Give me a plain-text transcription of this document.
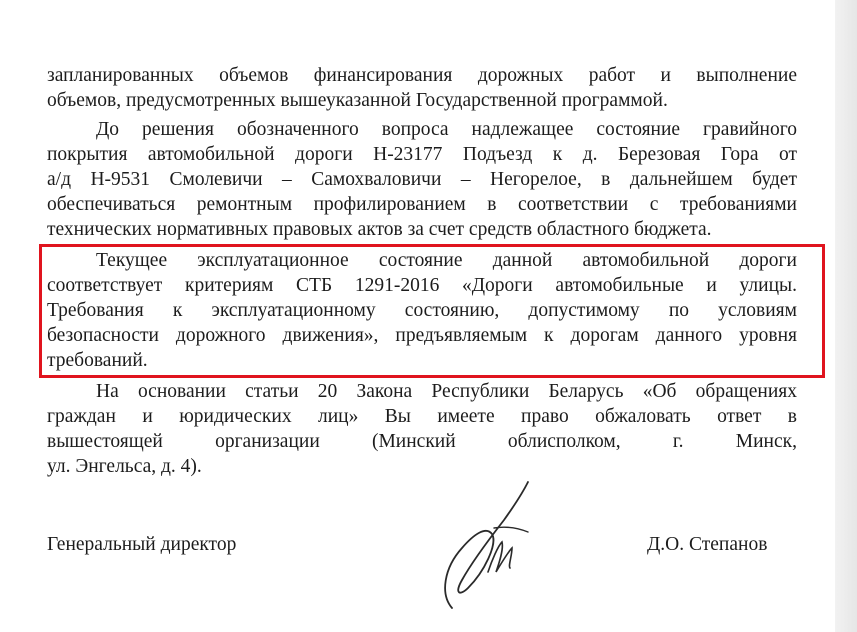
запланированных объемов финансирования дорожных работ и выполнение
объемов, предусмотренных вышеуказанной Государственной программой.
До решения обозначенного вопроса надлежащее состояние гравийного
покрытия автомобильной дороги Н-23177 Подъезд к д. Березовая Гора от
а/д Н-9531 Смолевичи – Самохваловичи – Негорелое, в дальнейшем будет
обеспечиваться ремонтным профилированием в соответствии с требованиями
технических нормативных правовых актов за счет средств областного бюджета.
Текущее эксплуатационное состояние данной автомобильной дороги
соответствует критериям СТБ 1291-2016 «Дороги автомобильные и улицы.
Требования к эксплуатационному состоянию, допустимому по условиям
безопасности дорожного движения», предъявляемым к дорогам данного уровня
требований.
На основании статьи 20 Закона Республики Беларусь «Об обращениях
граждан и юридических лиц» Вы имеете право обжаловать ответ в
вышестоящей организации (Минский облисполком, г. Минск,
ул. Энгельса, д. 4).
Генеральный директор	Д.О. Степанов
